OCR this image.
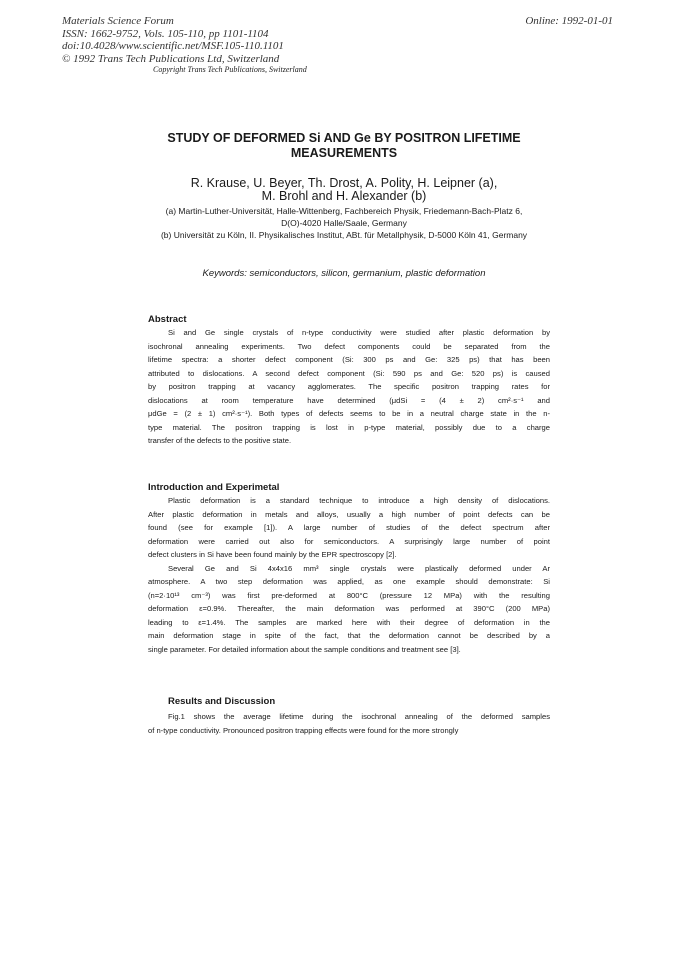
Materials Science Forum
ISSN: 1662-9752, Vols. 105-110, pp 1101-1104
doi:10.4028/www.scientific.net/MSF.105-110.1101
© 1992 Trans Tech Publications Ltd, Switzerland
Online: 1992-01-01
Copyright Trans Tech Publications, Switzerland
STUDY OF DEFORMED Si AND Ge BY POSITRON LIFETIME
MEASUREMENTS
R. Krause, U. Beyer, Th. Drost, A. Polity, H. Leipner (a),
M. Brohl and H. Alexander (b)
(a) Martin-Luther-Universität, Halle-Wittenberg, Fachbereich Physik, Friedemann-Bach-Platz 6,
D(O)-4020 Halle/Saale, Germany
(b) Universität zu Köln, II. Physikalisches Institut, ABt. für Metallphysik, D-5000 Köln 41, Germany
Keywords: semiconductors, silicon, germanium, plastic deformation
Abstract
Si and Ge single crystals of n-type conductivity were studied after plastic deformation by
isochronal annealing experiments. Two defect components could be separated from the
lifetime spectra: a shorter defect component (Si: 300 ps and Ge: 325 ps) that has been
attributed to dislocations. A second defect component (Si: 590 ps and Ge: 520 ps) is caused
by positron trapping at vacancy agglomerates. The specific positron trapping rates for
dislocations at room temperature have determined (μdSi = (4 ± 2) cm²·s⁻¹ and
μdGe = (2 ± 1) cm²·s⁻¹). Both types of defects seems to be in a neutral charge state in the n-
type material. The positron trapping is lost in p-type material, possibly due to a charge
transfer of the defects to the positive state.
Introduction and Experimetal
Plastic deformation is a standard technique to introduce a high density of dislocations.
After plastic deformation in metals and alloys, usually a high number of point defects can be
found (see for example [1]). A large number of studies of the defect spectrum after
deformation were carried out also for semiconductors. A surprisingly large number of point
defect clusters in Si have been found mainly by the EPR spectroscopy [2].
Several Ge and Si 4x4x16 mm³ single crystals were plastically deformed under Ar
atmosphere. A two step deformation was applied, as one example should demonstrate: Si
(n=2·10¹³ cm⁻³) was first pre-deformed at 800°C (pressure 12 MPa) with the resulting
deformation ε=0.9%. Thereafter, the main deformation was performed at 390°C (200 MPa)
leading to ε=1.4%. The samples are marked here with their degree of deformation in the
main deformation stage in spite of the fact, that the deformation cannot be described by a
single parameter. For detailed information about the sample conditions and treatment see [3].
Results and Discussion
Fig.1 shows the average lifetime during the isochronal annealing of the deformed samples
of n-type conductivity. Pronounced positron trapping effects were found for the more strongly
